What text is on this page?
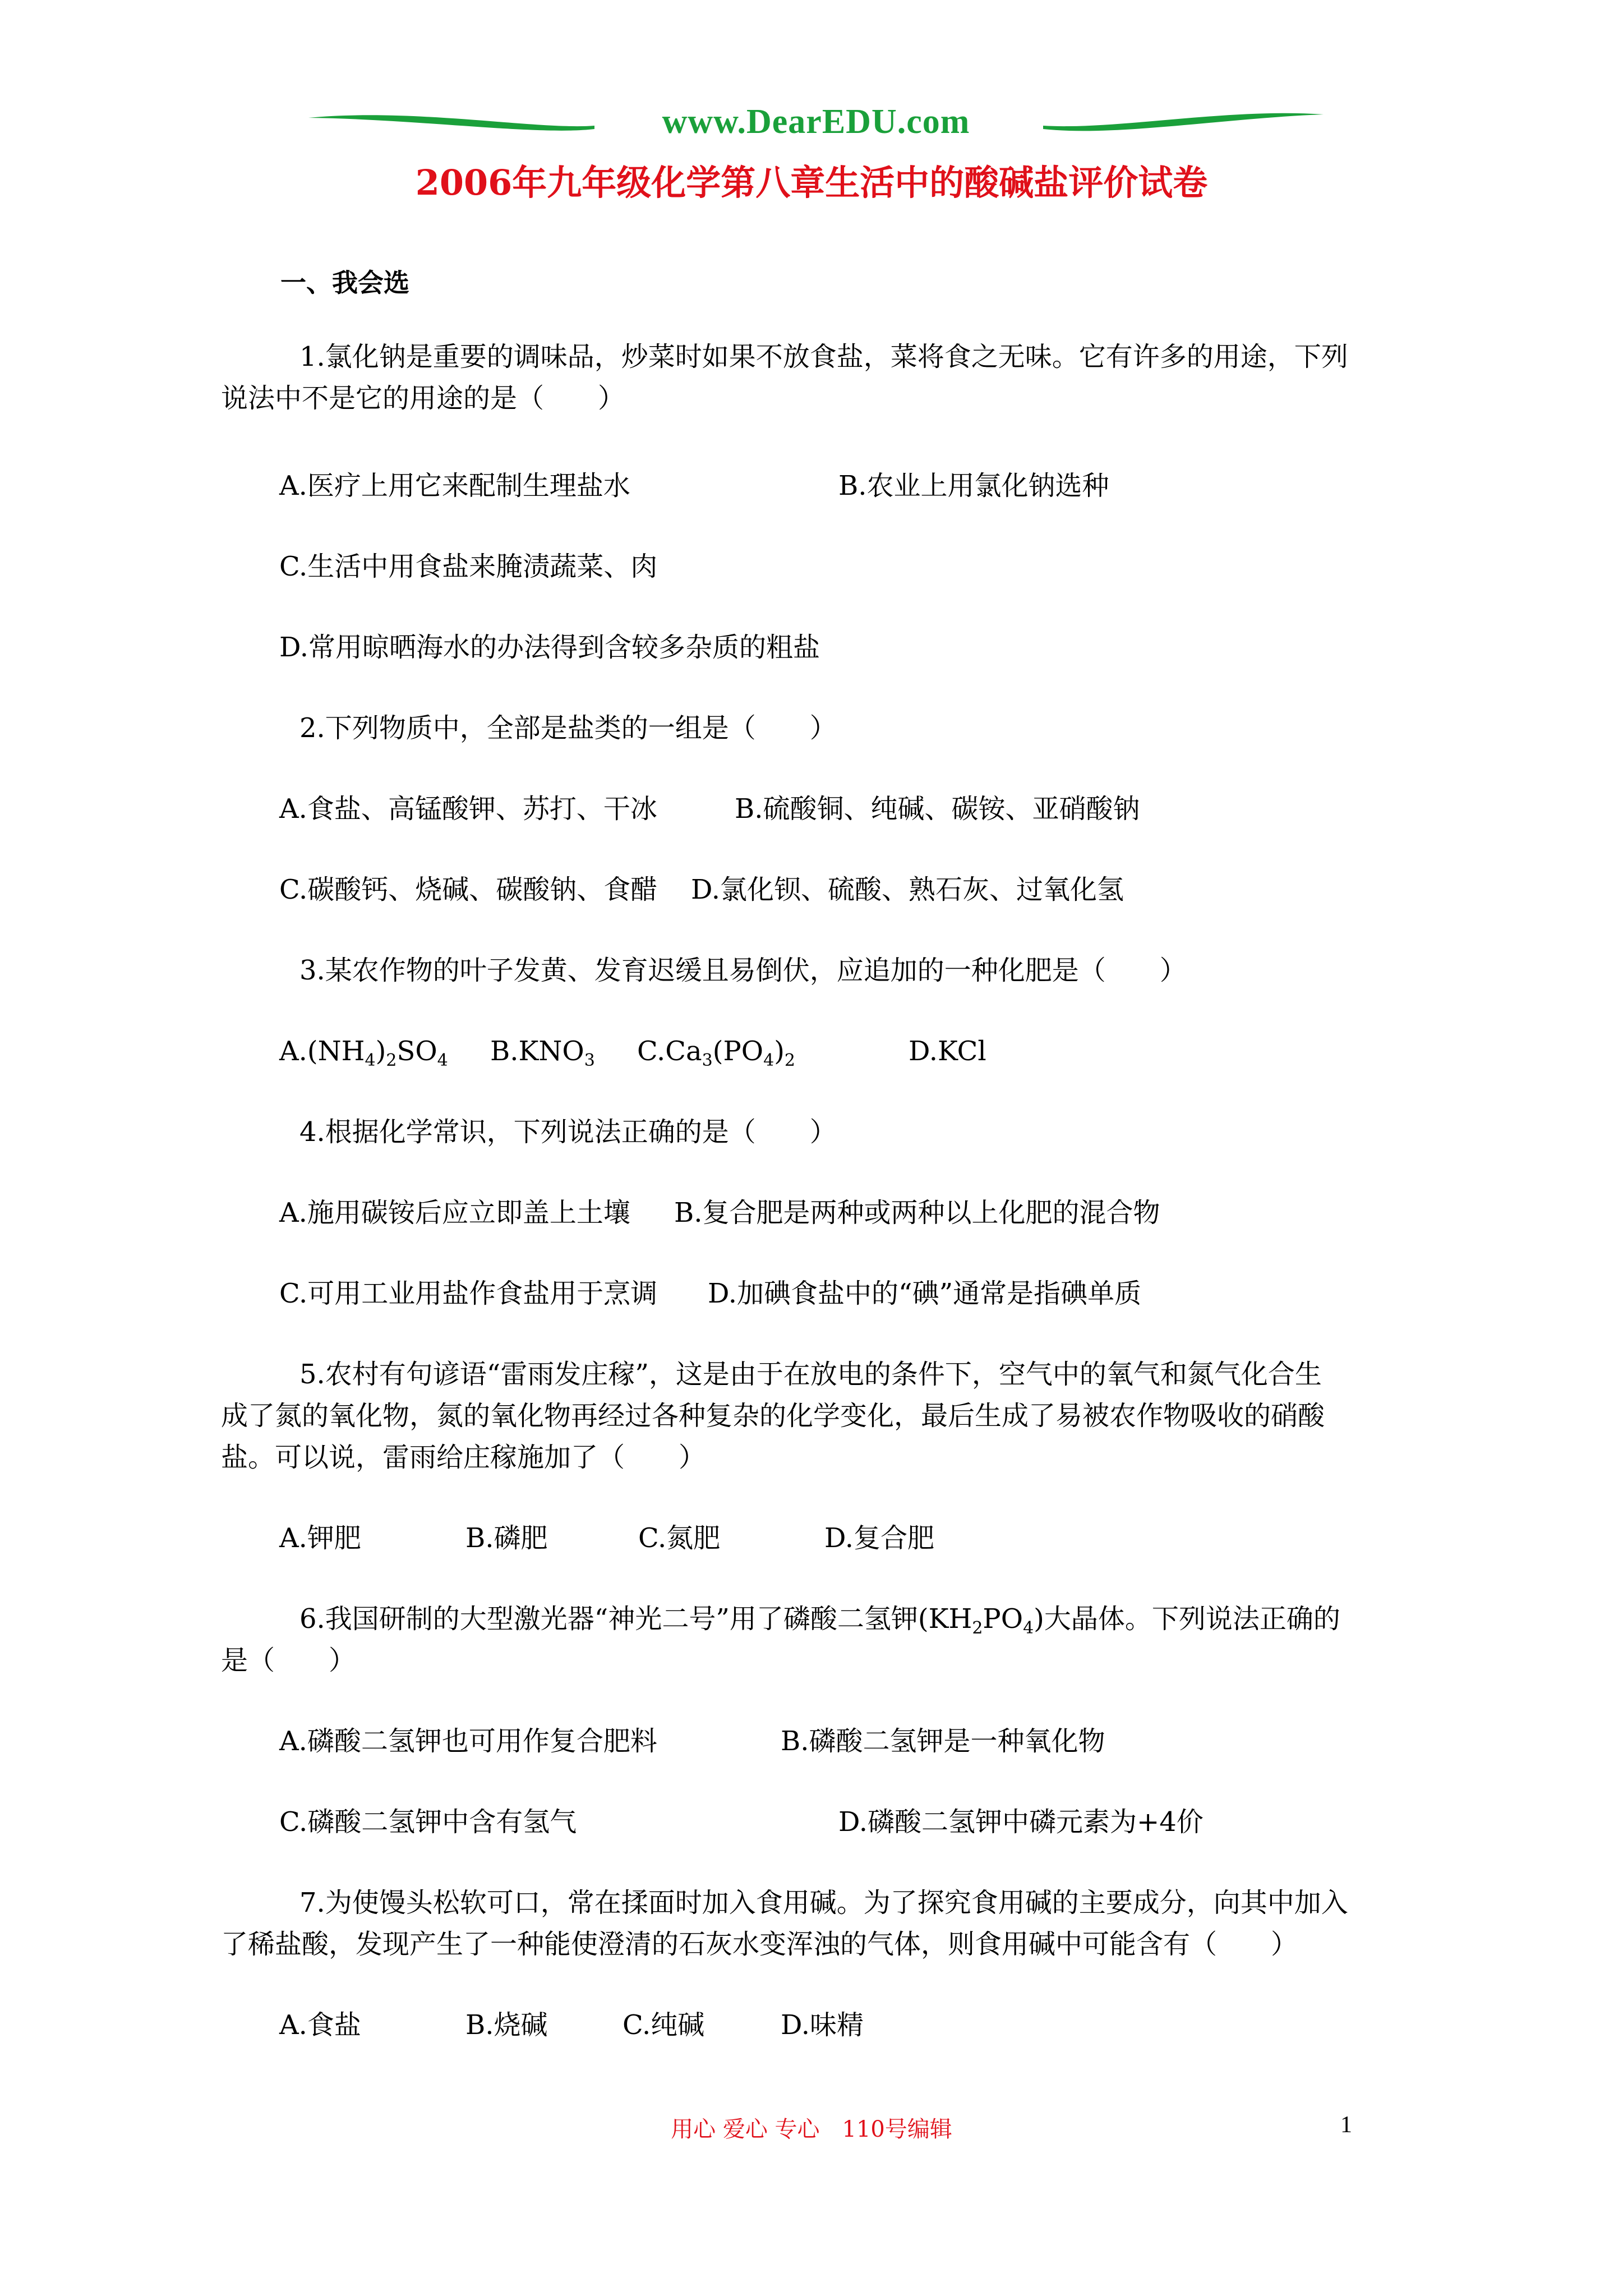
www.DearEDU.com
2006年九年级化学第八章生活中的酸碱盐评价试卷
一、我会选
1.氯化钠是重要的调味品，炒菜时如果不放食盐，菜将食之无味。它有许多的用途，下列
说法中不是它的用途的是（　　）
A.医疗上用它来配制生理盐水	B.农业上用氯化钠选种
C.生活中用食盐来腌渍蔬菜、肉
D.常用晾晒海水的办法得到含较多杂质的粗盐
2.下列物质中，全部是盐类的一组是（　　）
A.食盐、高锰酸钾、苏打、干冰	B.硫酸铜、纯碱、碳铵、亚硝酸钠
C.碳酸钙、烧碱、碳酸钠、食醋 D.氯化钡、硫酸、熟石灰、过氧化氢
3.某农作物的叶子发黄、发育迟缓且易倒伏，应追加的一种化肥是（　　）
$A.(NH_4)_2SO_4$ $B.KNO_3$ $C.Ca_3(PO_4)_2$	D.KCl
4.根据化学常识，下列说法正确的是（　　）
A.施用碳铵后应立即盖上土壤 B.复合肥是两种或两种以上化肥的混合物
C.可用工业用盐作食盐用于烹调 D.加碘食盐中的“碘”通常是指碘单质
5.农村有句谚语“雷雨发庄稼”，这是由于在放电的条件下，空气中的氧气和氮气化合生
成了氮的氧化物，氮的氧化物再经过各种复杂的化学变化，最后生成了易被农作物吸收的硝酸
盐。可以说，雷雨给庄稼施加了（　　）
A.钾肥	B.磷肥	C.氮肥	D.复合肥
6.我国研制的大型激光器“神光二号”用了磷酸二氢钾$(KH_2PO_4)$大晶体。下列说法正确的
是（　　）
A.磷酸二氢钾也可用作复合肥料	B.磷酸二氢钾是一种氧化物
C.磷酸二氢钾中含有氢气	D.磷酸二氢钾中磷元素为+4价
7.为使馒头松软可口，常在揉面时加入食用碱。为了探究食用碱的主要成分，向其中加入
了稀盐酸，发现产生了一种能使澄清的石灰水变浑浊的气体，则食用碱中可能含有（　　）
A.食盐	B.烧碱	C.纯碱	D.味精
用心 爱心 专心　110号编辑	1
